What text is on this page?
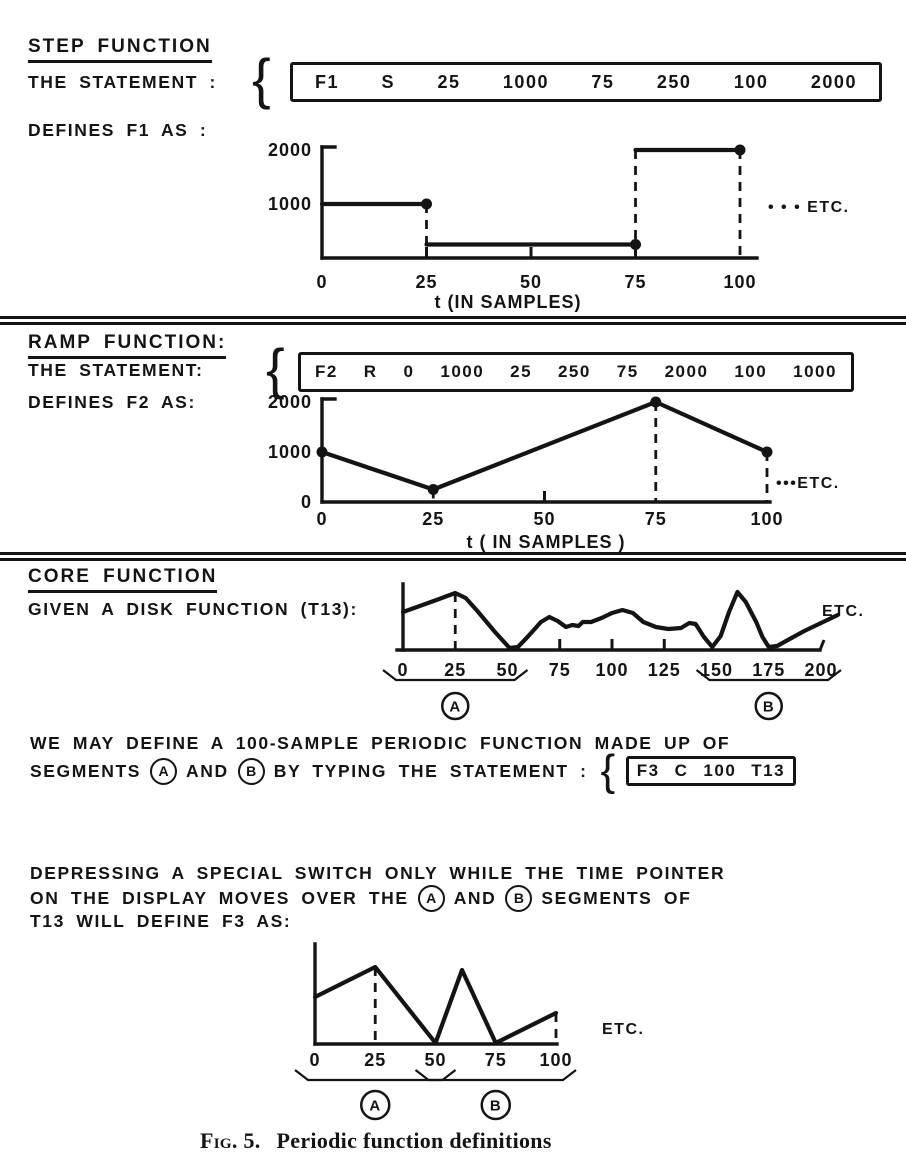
STEP FUNCTION
THE STATEMENT : { F1 S 25 1000 75 250 100 2000
DEFINES F1 AS :
0	25	50	75	100
2000
1000	• • • ETC.
t (IN SAMPLES)
RAMP FUNCTION:
THE STATEMENT: { F2 R 0 1000 25 250 75 2000 100 1000
DEFINES F2 AS:
0	25	50	75	100
2000
1000
0
•••ETC.
t ( IN SAMPLES )
CORE FUNCTION
GIVEN A DISK FUNCTION (T13):
0 25 50 75 100 125 150 175 200
A	B
ETC.
WE MAY DEFINE A 100-SAMPLE PERIODIC FUNCTION MADE UP OF
SEGMENTS	A AND	B BY TYPING THE STATEMENT : { F3 C 100 T13
DEPRESSING A SPECIAL SWITCH ONLY WHILE THE TIME POINTER
ON THE DISPLAY MOVES OVER THE	A AND	B SEGMENTS OF
T13 WILL DEFINE F3 AS:
0 25 50 75 100
A	B
ETC.
Fig. 5. Periodic function definitions
